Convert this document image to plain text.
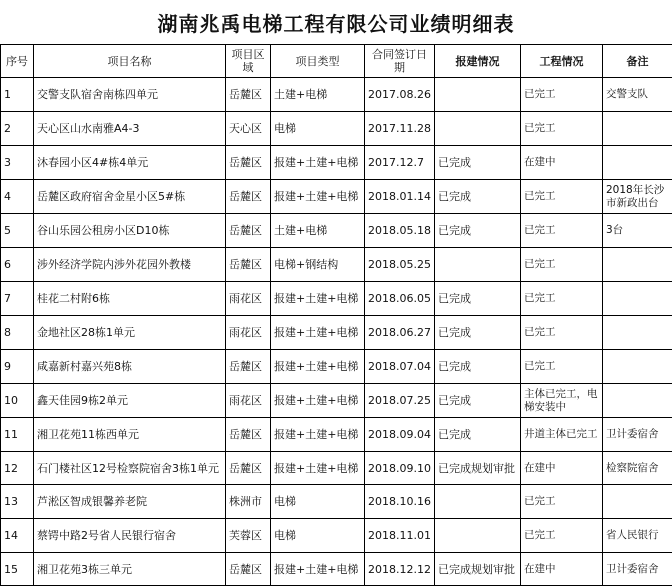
湖南兆禹电梯工程有限公司业绩明细表
序号	项目名称	项目区域	项目类型	合同签订日期	报建情况	工程情况	备注
1	交警支队宿舍南栋四单元	岳麓区	土建+电梯	2017.08.26		已完工	交警支队
2	天心区山水南雅A4-3	天心区	电梯	2017.11.28		已完工	
3	沐春园小区4#栋4单元	岳麓区	报建+土建+电梯	2017.12.7	已完成	在建中	
4	岳麓区政府宿舍金星小区5#栋	岳麓区	报建+土建+电梯	2018.01.14	已完成	已完工	2018年长沙市新政出台
5	谷山乐园公租房小区D10栋	岳麓区	土建+电梯	2018.05.18	已完成	已完工	3台
6	涉外经济学院内涉外花园外教楼	岳麓区	电梯+钢结构	2018.05.25		已完工	
7	桂花二村附6栋	雨花区	报建+土建+电梯	2018.06.05	已完成	已完工	
8	金地社区28栋1单元	雨花区	报建+土建+电梯	2018.06.27	已完成	已完工	
9	咸嘉新村嘉兴苑8栋	岳麓区	报建+土建+电梯	2018.07.04	已完成	已完工	
10	鑫天佳园9栋2单元	雨花区	报建+土建+电梯	2018.07.25	已完成	主体已完工，电梯安装中	
11	湘卫花苑11栋西单元	岳麓区	报建+土建+电梯	2018.09.04	已完成	井道主体已完工	卫计委宿舍
12	石门楼社区12号检察院宿舍3栋1单元	岳麓区	报建+土建+电梯	2018.09.10	已完成规划审批	在建中	检察院宿舍
13	芦淞区智成银馨养老院	株洲市	电梯	2018.10.16		已完工	
14	蔡锷中路2号省人民银行宿舍	芙蓉区	电梯	2018.11.01		已完工	省人民银行
15	湘卫花苑3栋三单元	岳麓区	报建+土建+电梯	2018.12.12	已完成规划审批	在建中	卫计委宿舍
